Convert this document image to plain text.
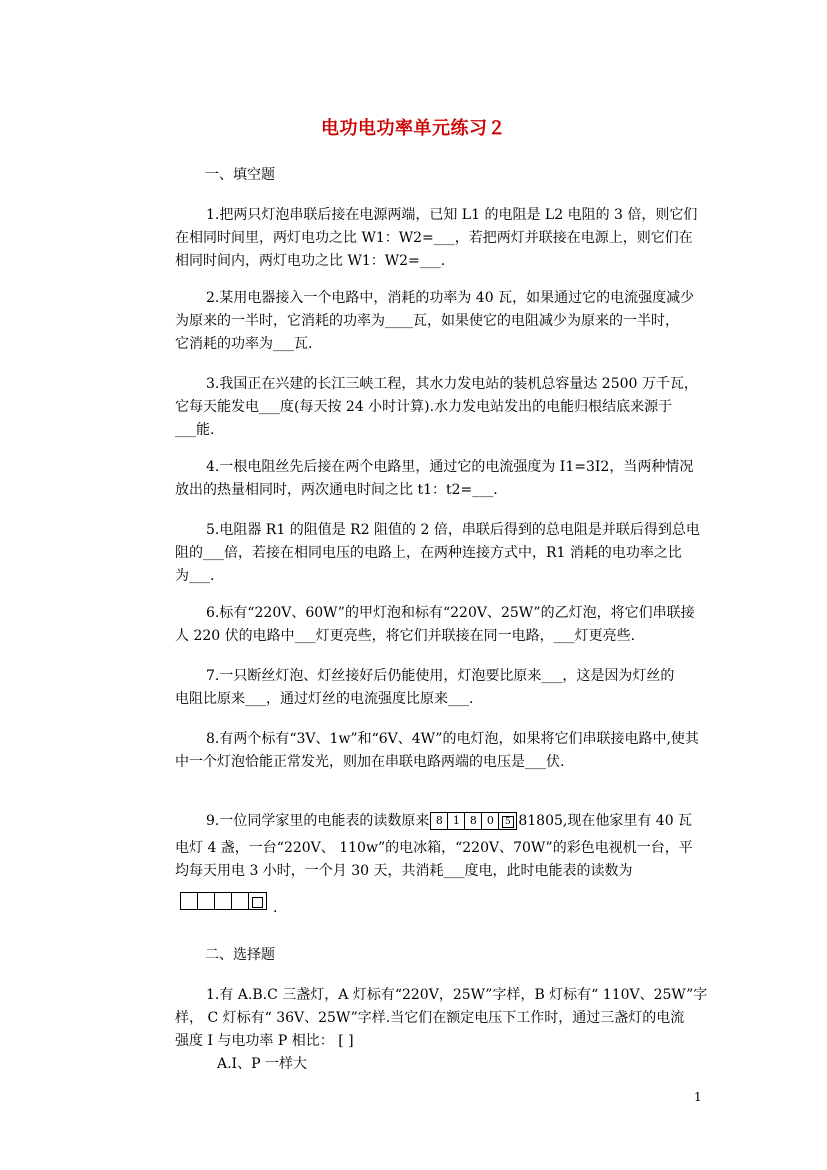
电功电功率单元练习２
一、填空题
1.把两只灯泡串联后接在电源两端，已知 L1 的电阻是 L2 电阻的 3 倍，则它们
在相同时间里，两灯电功之比 W1：W2=___，若把两灯并联接在电源上，则它们在
相同时间内，两灯电功之比 W1：W2=___.
2.某用电器接入一个电路中，消耗的功率为 40 瓦，如果通过它的电流强度减少
为原来的一半时，它消耗的功率为____瓦，如果使它的电阻减少为原来的一半时，
它消耗的功率为___瓦.
3.我国正在兴建的长江三峡工程，其水力发电站的装机总容量达 2500 万千瓦，
它每天能发电___度(每天按 24 小时计算).水力发电站发出的电能归根结底来源于
___能.
4.一根电阻丝先后接在两个电路里，通过它的电流强度为 I1=3I2，当两种情况
放出的热量相同时，两次通电时间之比 t1：t2=___.
5.电阻器 R1 的阻值是 R2 阻值的 2 倍，串联后得到的总电阻是并联后得到总电
阻的___倍，若接在相同电压的电路上，在两种连接方式中，R1 消耗的电功率之比
为___.
6.标有“220V、60W”的甲灯泡和标有“220V、25W”的乙灯泡，将它们串联接
人 220 伏的电路中___灯更亮些，将它们并联接在同一电路，___灯更亮些.
7.一只断丝灯泡、灯丝接好后仍能使用，灯泡要比原来___，这是因为灯丝的
电阻比原来___，通过灯丝的电流强度比原来___.
8.有两个标有“3V、1w”和“6V、4W”的电灯泡，如果将它们串联接电路中,使其
中一个灯泡恰能正常发光，则加在串联电路两端的电压是___伏.
9.一位同学家里的电能表的读数原来 8 1 8 0 5 81805,现在他家里有 40 瓦
电灯 4 盏，一台“220V、 110w”的电冰箱，“220V、70W”的彩色电视机一台，平
均每天用电 3 小时，一个月 30 天，共消耗___度电，此时电能表的读数为
.
二、选择题
1.有 A.B.C 三盏灯，A 灯标有“220V，25W”字样，B 灯标有“ 110V、25W”字
样， C 灯标有“ 36V、25W”字样.当它们在额定电压下工作时，通过三盏灯的电流
强度 I 与电功率 P 相比： [ ]
A.I、P 一样大
1
